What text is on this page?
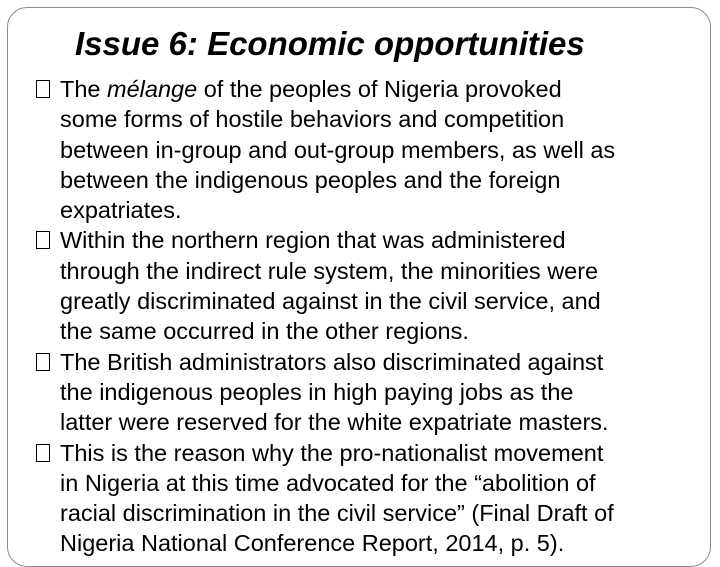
Issue 6: Economic opportunities
The mélange of the peoples of Nigeria provoked
some forms of hostile behaviors and competition
between in-group and out-group members, as well as
between the indigenous peoples and the foreign
expatriates.
Within the northern region that was administered
through the indirect rule system, the minorities were
greatly discriminated against in the civil service, and
the same occurred in the other regions.
The British administrators also discriminated against
the indigenous peoples in high paying jobs as the
latter were reserved for the white expatriate masters.
This is the reason why the pro-nationalist movement
in Nigeria at this time advocated for the “abolition of
racial discrimination in the civil service” (Final Draft of
Nigeria National Conference Report, 2014, p. 5).
